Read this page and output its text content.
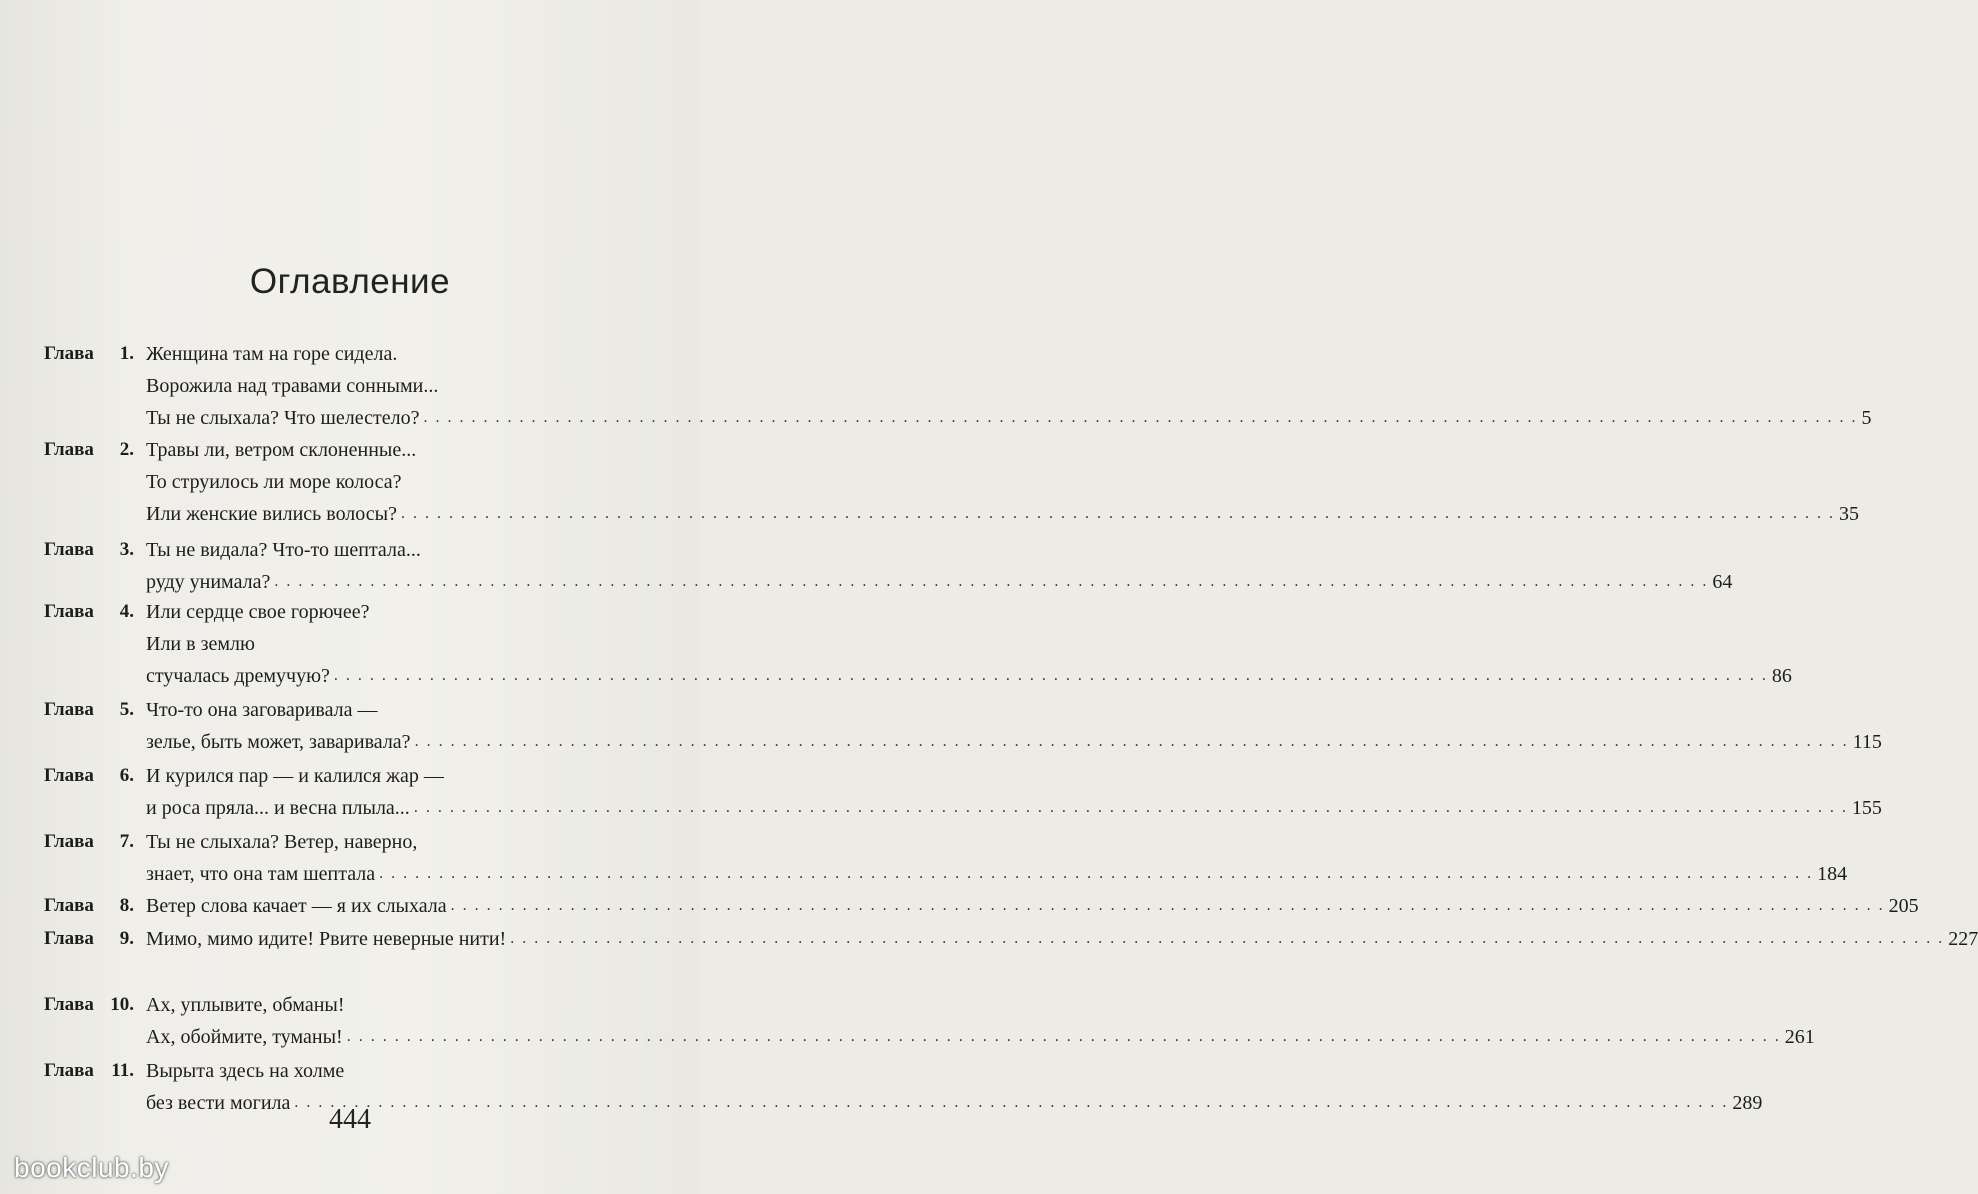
Оглавление
Глава 1. Женщина там на горе сидела.
Ворожила над травами сонными...
Ты не слыхала? Что шелестело? . . . . . . . . . . . . . . . . . . . . . . . . . . . . . . . . . . . . . . . . . . . . . . . . . . . . . . . . . . . . . . . . . . . . . . . . . . . . . . . . . . . . . . . . . . . . . . . . . . . . . . . . . . . . . . . . . . . . . . . . 5
Глава 2. Травы ли, ветром склоненные...
То струилось ли море колоса?
Или женские вились волосы? . . . . . . . . . . . . . . . . . . . . . . . . . . . . . . . . . . . . . . . . . . . . . . . . . . . . . . . . . . . . . . . . . . . . . . . . . . . . . . . . . . . . . . . . . . . . . . . . . . . . . . . . . . . . . . . . . . . . . . . . 35
Глава 3. Ты не видала? Что-то шептала...
руду унимала? . . . . . . . . . . . . . . . . . . . . . . . . . . . . . . . . . . . . . . . . . . . . . . . . . . . . . . . . . . . . . . . . . . . . . . . . . . . . . . . . . . . . . . . . . . . . . . . . . . . . . . . . . . . . . . . . . . . . . . . . 64
Глава 4. Или сердце свое горючее?
Или в землю
стучалась дремучую? . . . . . . . . . . . . . . . . . . . . . . . . . . . . . . . . . . . . . . . . . . . . . . . . . . . . . . . . . . . . . . . . . . . . . . . . . . . . . . . . . . . . . . . . . . . . . . . . . . . . . . . . . . . . . . . . . . . . . . . . 86
Глава 5. Что-то она заговаривала —
зелье, быть может, заваривала? . . . . . . . . . . . . . . . . . . . . . . . . . . . . . . . . . . . . . . . . . . . . . . . . . . . . . . . . . . . . . . . . . . . . . . . . . . . . . . . . . . . . . . . . . . . . . . . . . . . . . . . . . . . . . . . . . . . . . . . . 115
Глава 6. И курился пар — и калился жар —
и роса пряла... и весна плыла... . . . . . . . . . . . . . . . . . . . . . . . . . . . . . . . . . . . . . . . . . . . . . . . . . . . . . . . . . . . . . . . . . . . . . . . . . . . . . . . . . . . . . . . . . . . . . . . . . . . . . . . . . . . . . . . . . . . . . . . . 155
Глава 7. Ты не слыхала? Ветер, наверно,
знает, что она там шептала . . . . . . . . . . . . . . . . . . . . . . . . . . . . . . . . . . . . . . . . . . . . . . . . . . . . . . . . . . . . . . . . . . . . . . . . . . . . . . . . . . . . . . . . . . . . . . . . . . . . . . . . . . . . . . . . . . . . . . . . 184
Глава 8. Ветер слова качает — я их слыхала . . . . . . . . . . . . . . . . . . . . . . . . . . . . . . . . . . . . . . . . . . . . . . . . . . . . . . . . . . . . . . . . . . . . . . . . . . . . . . . . . . . . . . . . . . . . . . . . . . . . . . . . . . . . . . . . . . . . . . . . 205
Глава 9. Мимо, мимо идите! Рвите неверные нити! . . . . . . . . . . . . . . . . . . . . . . . . . . . . . . . . . . . . . . . . . . . . . . . . . . . . . . . . . . . . . . . . . . . . . . . . . . . . . . . . . . . . . . . . . . . . . . . . . . . . . . . . . . . . . . . . . . . . . . . . 227
Глава 10. Ах, уплывите, обманы!
Ах, обоймите, туманы! . . . . . . . . . . . . . . . . . . . . . . . . . . . . . . . . . . . . . . . . . . . . . . . . . . . . . . . . . . . . . . . . . . . . . . . . . . . . . . . . . . . . . . . . . . . . . . . . . . . . . . . . . . . . . . . . . . . . . . . . 261
Глава 11. Вырыта здесь на холме
без вести могила . . . . . . . . . . . . . . . . . . . . . . . . . . . . . . . . . . . . . . . . . . . . . . . . . . . . . . . . . . . . . . . . . . . . . . . . . . . . . . . . . . . . . . . . . . . . . . . . . . . . . . . . . . . . . . . . . . . . . . . . 289
444
bookclub.by
